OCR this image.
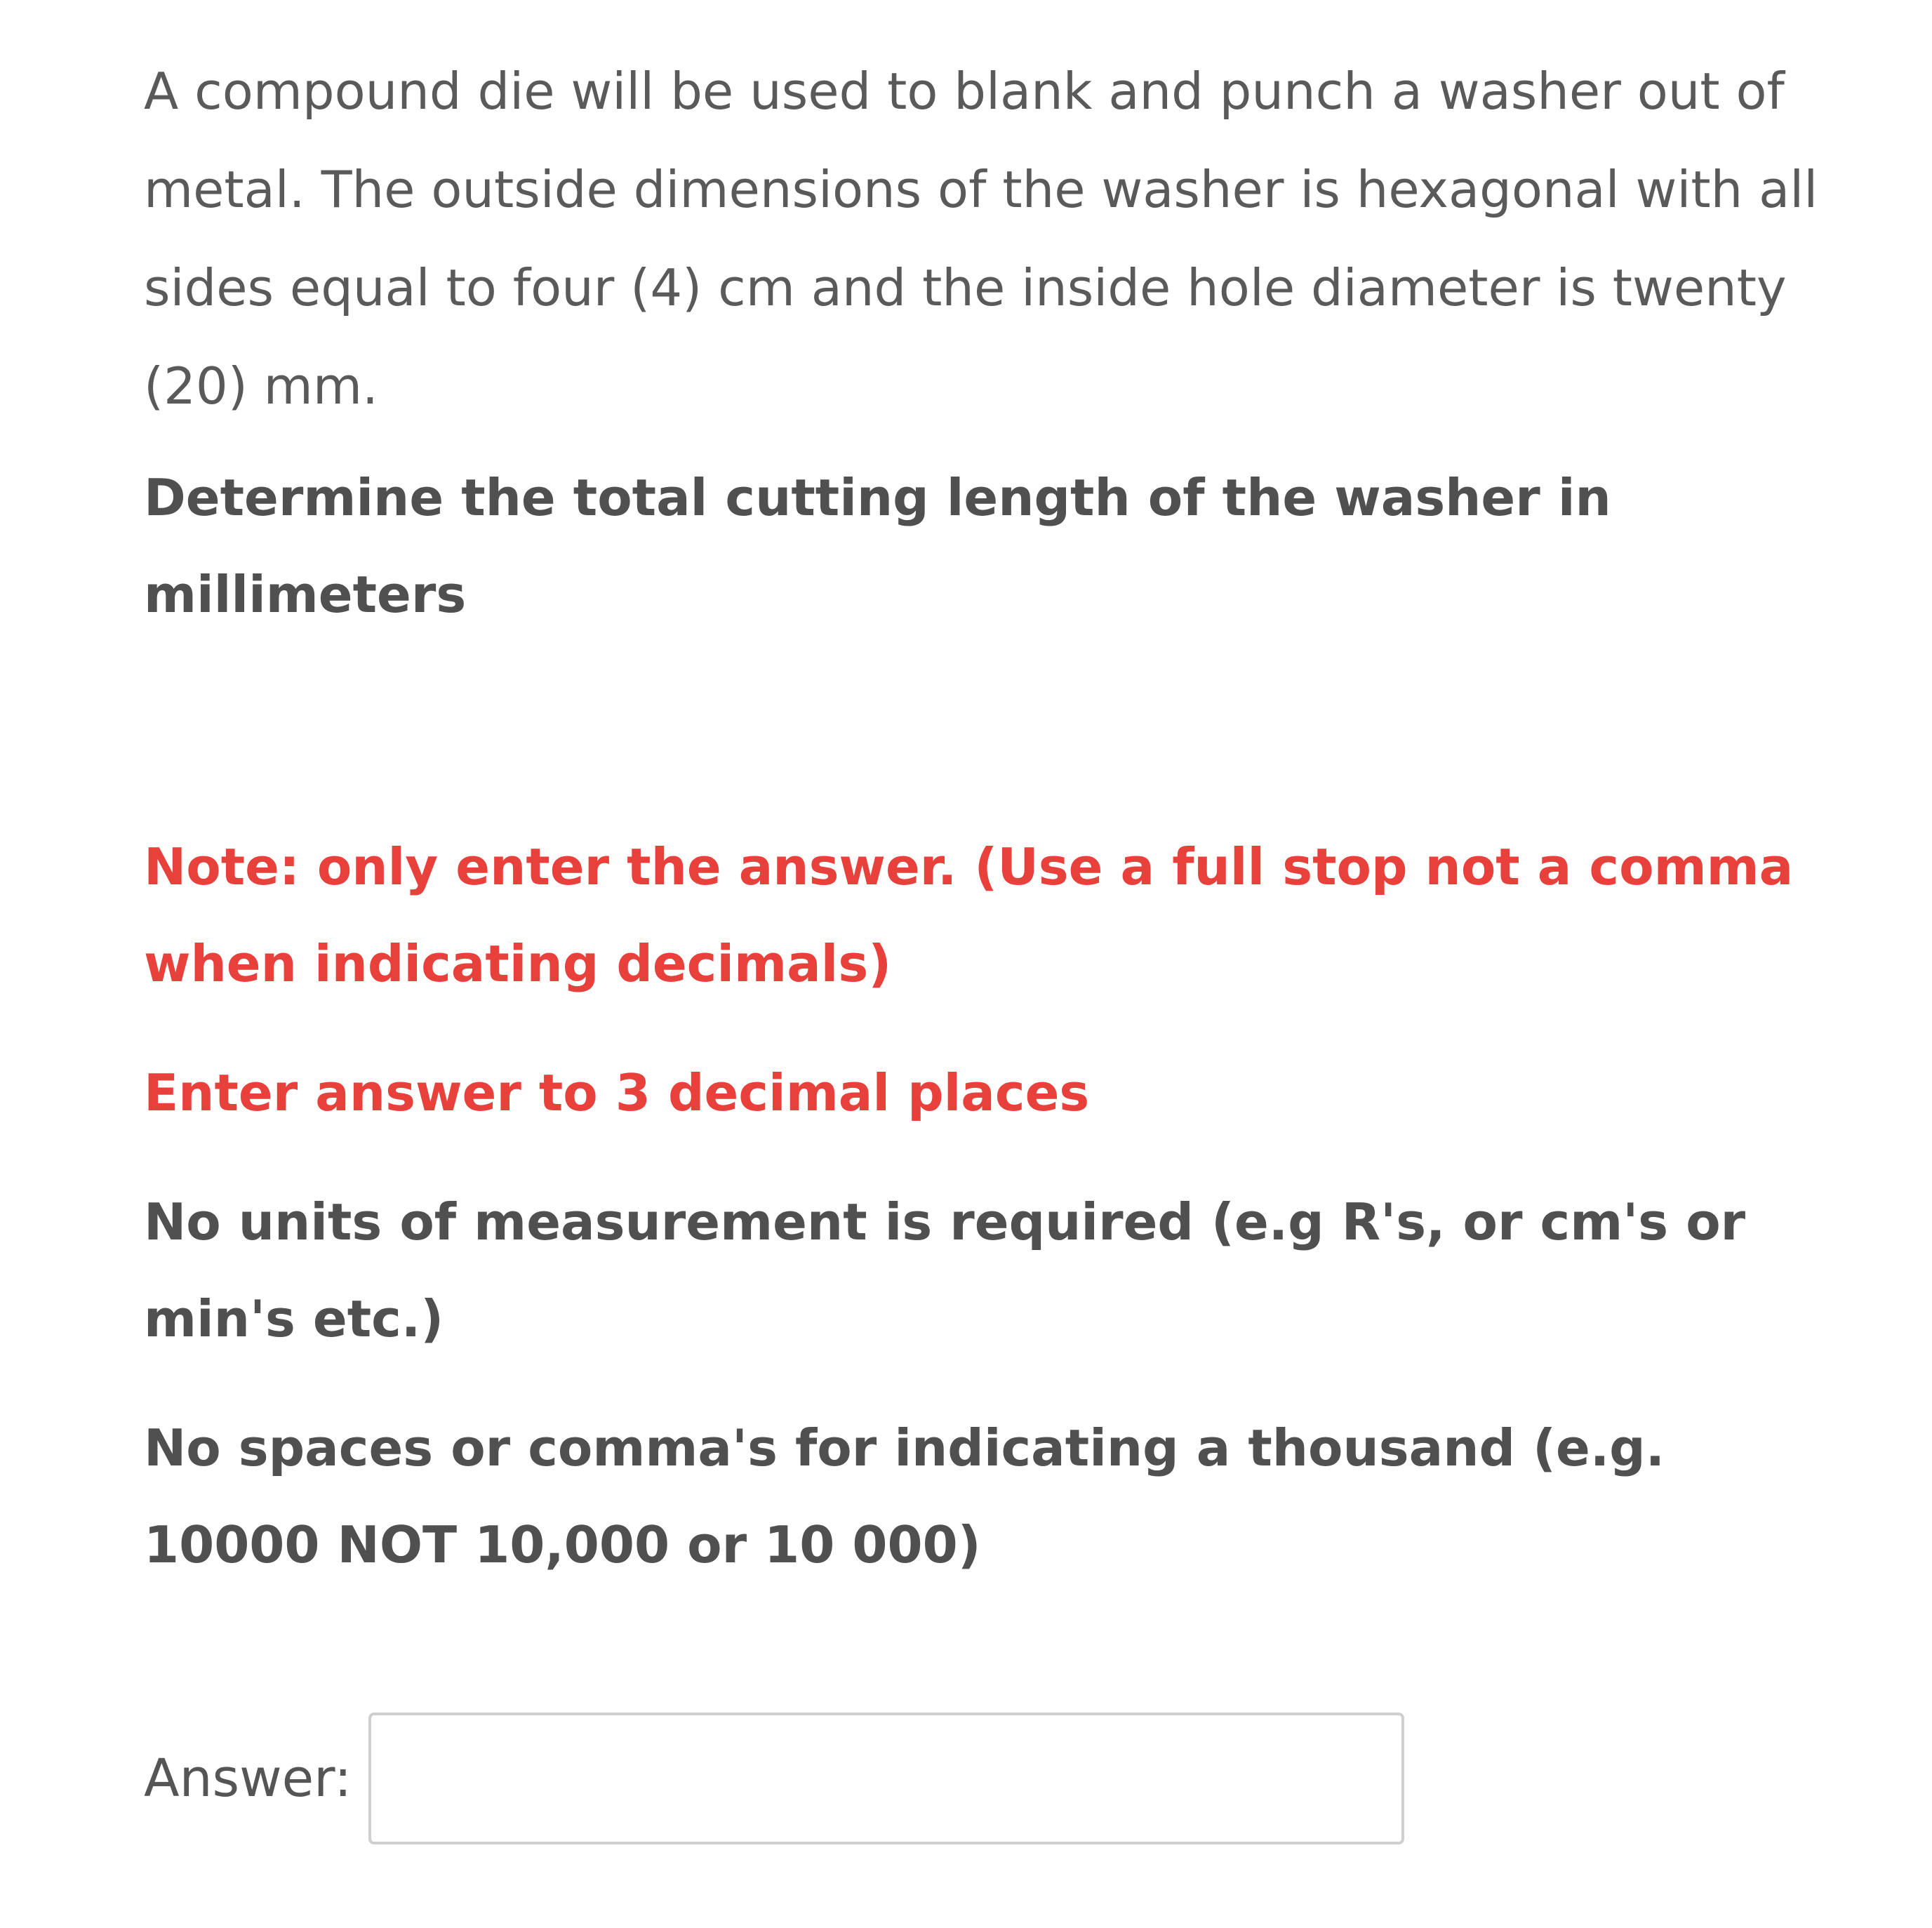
A compound die will be used to blank and punch a washer out of metal. The outside dimensions of the washer is hexagonal with all sides equal to four (4) cm and the inside hole diameter is twenty (20) mm.

Determine the total cutting length of the washer in millimeters

Note: only enter the answer. (Use a full stop not a comma when indicating decimals)

Enter answer to 3 decimal places

No units of measurement is required (e.g R's, or cm's or min's etc.)

No spaces or comma's for indicating a thousand (e.g. 10000 NOT 10,000 or 10 000)

Answer:
